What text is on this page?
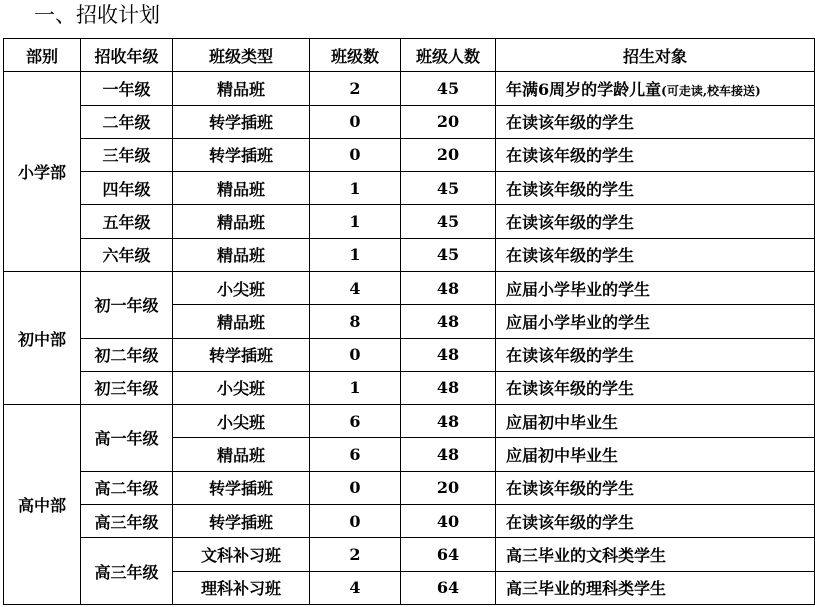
一、招收计划
部别	招收年级	班级类型	班级数	班级人数	招生对象
小学部	一年级	精品班	2	45	年满6周岁的学龄儿童(可走读,校车接送)
	二年级	转学插班	0	20	在读该年级的学生
	三年级	转学插班	0	20	在读该年级的学生
	四年级	精品班	1	45	在读该年级的学生
	五年级	精品班	1	45	在读该年级的学生
	六年级	精品班	1	45	在读该年级的学生
初中部	初一年级	小尖班	4	48	应届小学毕业的学生
		精品班	8	48	应届小学毕业的学生
	初二年级	转学插班	0	48	在读该年级的学生
	初三年级	小尖班	1	48	在读该年级的学生
高中部	高一年级	小尖班	6	48	应届初中毕业生
		精品班	6	48	应届初中毕业生
	高二年级	转学插班	0	20	在读该年级的学生
	高三年级	转学插班	0	40	在读该年级的学生
	高三年级	文科补习班	2	64	高三毕业的文科类学生
		理科补习班	4	64	高三毕业的理科类学生
